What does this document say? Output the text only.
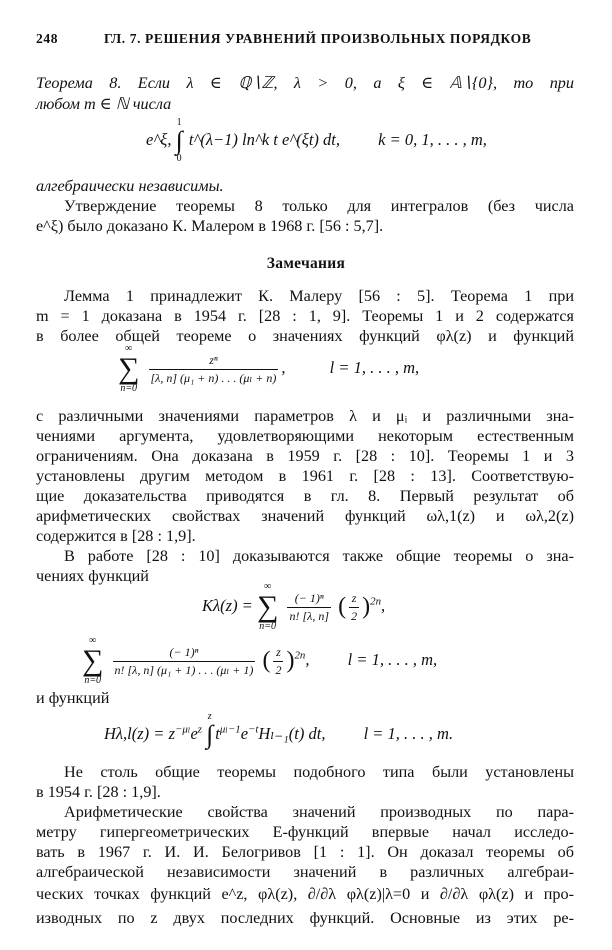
248	ГЛ. 7. РЕШЕНИЯ УРАВНЕНИЙ ПРОИЗВОЛЬНЫХ ПОРЯДКОВ
Теорема 8. Если λ ∈ ℚ∖ℤ, λ > 0, а ξ ∈ 𝔸∖{0}, то при
любом m ∈ ℕ числа
e^ξ,
1
∫
0
t^(λ−1) ln^k t e^(ξt) dt, k = 0, 1, . . . , m,
алгебраически независимы.
Утверждение теоремы 8 только для интегралов (без числа
e^ξ) было доказано К. Малером в 1968 г. [56 : 5,7].
Замечания
Лемма 1 принадлежит К. Малеру [56 : 5]. Теорема 1 при
m = 1 доказана в 1954 г. [28 : 1, 9]. Теоремы 1 и 2 содержатся
в более общей теореме о значениях функций φλ(z) и функций
∞
∑
n=0

$\frac{\text{zⁿ}}{\text{[λ, n] (μ₁ + n) . . . (μₗ + n)}}$ ,	l = 1, . . . , m,
с различными значениями параметров λ и μᵢ и различными зна-
чениями аргумента, удовлетворяющими некоторым естественным
ограничениям. Она доказана в 1959 г. [28 : 10]. Теоремы 1 и 3
установлены другим методом в 1961 г. [28 : 13]. Соответствую-
щие доказательства приводятся в гл. 8. Первый результат об
арифметических свойствах значений функций ωλ,1(z) и ωλ,2(z)
содержится в [28 : 1,9].
В работе [28 : 10] доказываются также общие теоремы о зна-
чениях функций
Kλ(z) =
∞
∑
n=0

$\frac{\text{(− 1)ⁿ}}{n! [\lambda, n]}$ ( $\frac{z}{2} )^{2n}$,
∞
∑
n=0

$\frac{\text{(− 1)ⁿ}}{\text{n! [λ, n] (μ₁ + 1) . . . (μₗ + 1)}}$ ( $\frac{z}{2} )^{2n}$, l = 1, . . . , m,
и функций
$H\lambda,l(z) = z^{-\mu_l}e^z$
z
∫
$t^{\mu_l-1}e^{-t}H_{l-1}(t)$ dt, l = 1, . . . , m.
Не столь общие теоремы подобного типа были установлены
в 1954 г. [28 : 1,9].
Арифметические свойства значений производных по пара-
метру гипергеометрических E-функций впервые начал исследо-
вать в 1967 г. И. И. Белогривов [1 : 1]. Он доказал теоремы об
алгебраической независимости значений в различных алгебраи-
ческих точках функций e^z, φλ(z), ∂/∂λ φλ(z)|λ=0 и ∂/∂λ φλ(z) и про-
изводных по z двух последних функций. Основные из этих ре-
